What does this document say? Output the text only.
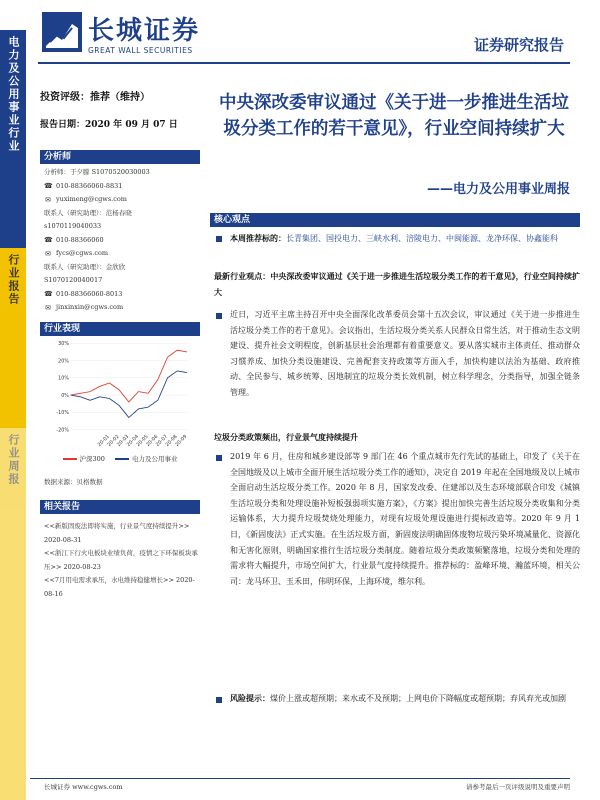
长城证券
GREAT WALL SECURITIES	证券研究报告
电力及公用事业行业
行业报告
行业周报
投资评级：推荐（维持）
报告日期：2020 年 09 月 07 日
分析师
分析师：于夕朦 S1070520030003
☎ 010-88366060-8831
✉ yuximeng@cgws.com
联系人（研究助理）：范杨春晓
s1070119040033
☎ 010-88366060
✉ fycs@cgws.com
联系人（研究助理）：金欣欣
S1070120040017
☎ 010-88366060-8013
✉ jinxinxin@cgws.com
行业表现
30%
20%
10%
0%
-10%
-20%
20-01
20-02
20-03
20-04
20-05
20-06
20-07
20-08
20-09
沪深300	电力及公用事业
数据来源：贝格数据
相关报告
<<新版固废法即将实施，行业景气度持续提升>> 2020-08-31
<<浙江下行火电板块业绩负荷，疫情之下环保板块承压>> 2020-08-23
<<7月用电需求承压，水电维持稳健增长>> 2020-08-16
中央深改委审议通过《关于进一步推进生活垃圾分类工作的若干意见》，行业空间持续扩大
——电力及公用事业周报
核心观点
本周推荐标的：长青集团、国投电力、三峡水利、涪陵电力、中闽能源、龙净环保、协鑫能科
最新行业观点：中央深改委审议通过《关于进一步推进生活垃圾分类工作的若干意见》，行业空间持续扩大
近日，习近平主席主持召开中央全面深化改革委员会第十五次会议，审议通过《关于进一步推进生活垃圾分类工作的若干意见》。会议指出，生活垃圾分类关系人民群众日常生活，对于推动生态文明建设、提升社会文明程度，创新基层社会治理都有着重要意义。要从落实城市主体责任、推动群众习惯养成、加快分类设施建设、完善配套支持政策等方面入手，加快构建以法治为基础、政府推动、全民参与、城乡统筹、因地制宜的垃圾分类长效机制，树立科学理念，分类指导，加强全链条管理。
垃圾分类政策频出，行业景气度持续提升
2019 年 6 月，住房和城乡建设部等 9 部门在 46 个重点城市先行先试的基础上，印发了《关于在全国地级及以上城市全面开展生活垃圾分类工作的通知》，决定自 2019 年起在全国地级及以上城市全面启动生活垃圾分类工作。2020 年 8 月，国家发改委、住建部以及生态环境部联合印发《城镇生活垃圾分类和处理设施补短板强弱项实施方案》，《方案》提出加快完善生活垃圾分类收集和分类运输体系，大力提升垃圾焚烧处理能力，对现有垃圾处理设施进行提标改造等。2020 年 9 月 1 日，《新固废法》正式实施。在生活垃圾方面，新固废法明确固体废物垃圾污染环境减量化、资源化和无害化原则，明确国家推行生活垃圾分类制度。随着垃圾分类政策频繁落地，垃圾分类和处理的需求将大幅提升，市场空间扩大，行业景气度持续提升。推荐标的：盈峰环境、瀚蓝环境，相关公司：龙马环卫、玉禾田，伟明环保，上海环境，维尔利。
风险提示：煤价上涨或超预期；来水或不及预期；上网电价下降幅度或超预期；弃风弃光或加剧
长城证券 www.cgws.com	请参考最后一页评级说明及重要声明
